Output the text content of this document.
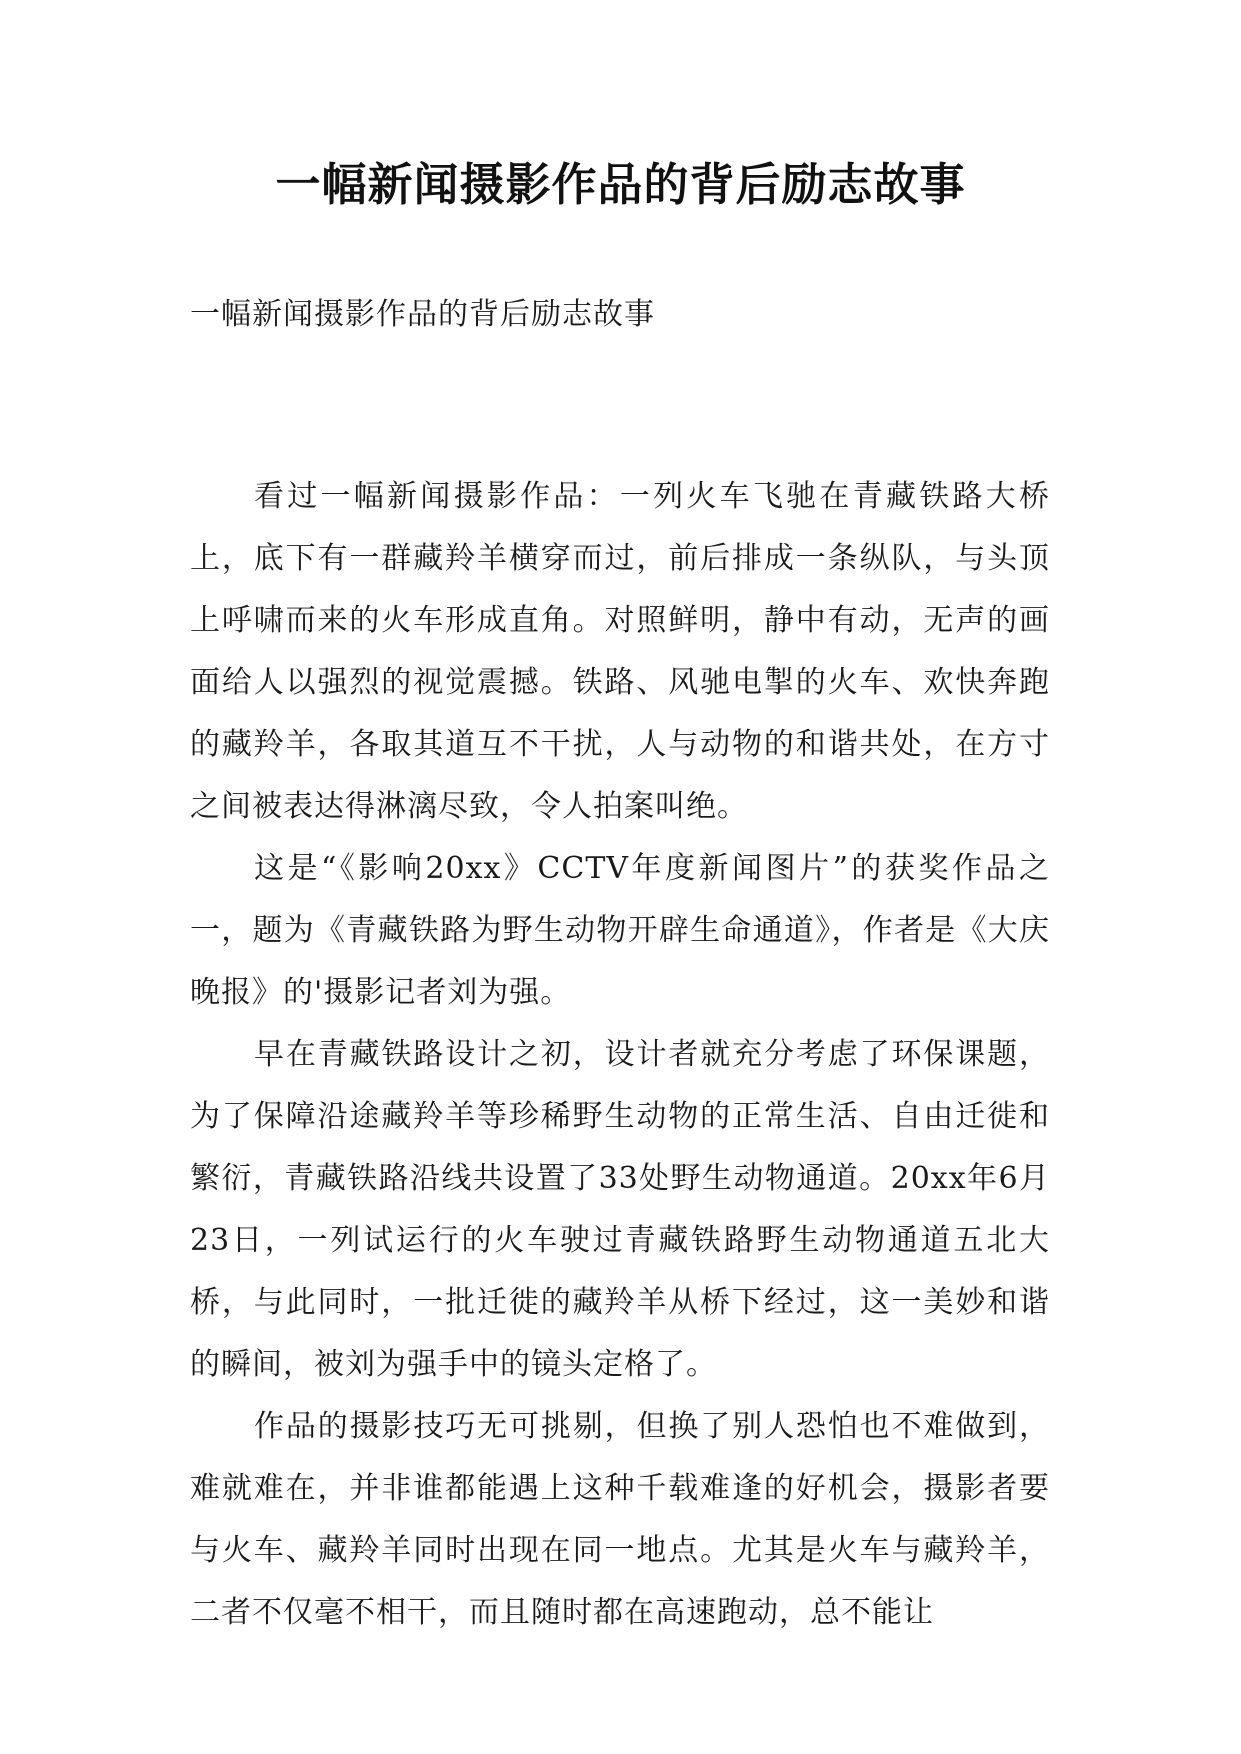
一幅新闻摄影作品的背后励志故事
一幅新闻摄影作品的背后励志故事

看过一幅新闻摄影作品：一列火车飞驰在青藏铁路大桥上，底下有一群藏羚羊横穿而过，前后排成一条纵队，与头顶上呼啸而来的火车形成直角。对照鲜明，静中有动，无声的画面给人以强烈的视觉震撼。铁路、风驰电掣的火车、欢快奔跑的藏羚羊，各取其道互不干扰，人与动物的和谐共处，在方寸之间被表达得淋漓尽致，令人拍案叫绝。

这是“《影响20xx》CCTV年度新闻图片”的获奖作品之一，题为《青藏铁路为野生动物开辟生命通道》，作者是《大庆晚报》的'摄影记者刘为强。

早在青藏铁路设计之初，设计者就充分考虑了环保课题，为了保障沿途藏羚羊等珍稀野生动物的正常生活、自由迁徙和繁衍，青藏铁路沿线共设置了33处野生动物通道。20xx年6月23日，一列试运行的火车驶过青藏铁路野生动物通道五北大桥，与此同时，一批迁徙的藏羚羊从桥下经过，这一美妙和谐的瞬间，被刘为强手中的镜头定格了。

作品的摄影技巧无可挑剔，但换了别人恐怕也不难做到，难就难在，并非谁都能遇上这种千载难逢的好机会，摄影者要与火车、藏羚羊同时出现在同一地点。尤其是火车与藏羚羊，二者不仅毫不相干，而且随时都在高速跑动，总不能让
